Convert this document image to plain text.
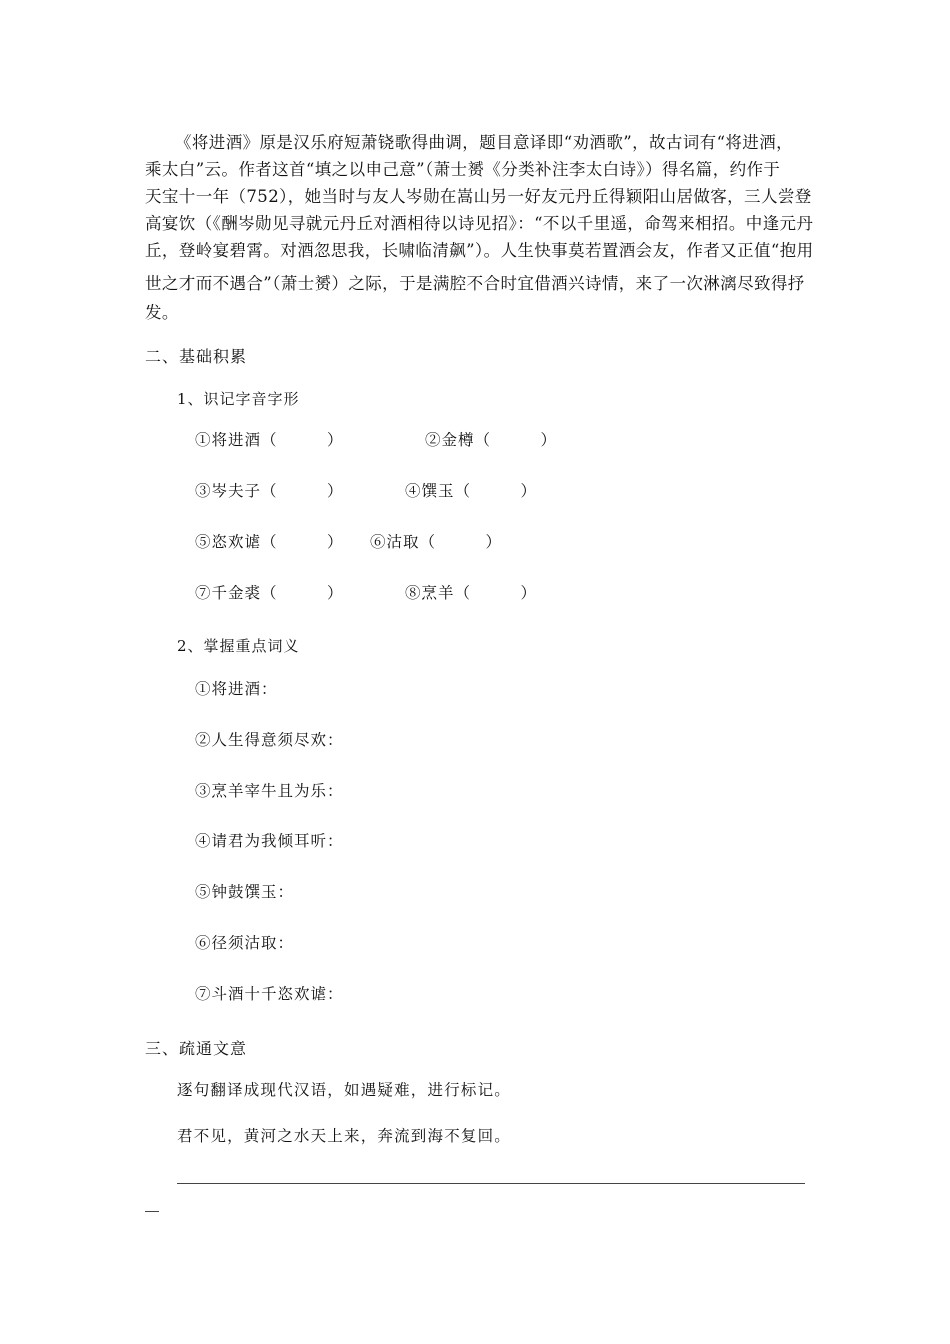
《将进酒》原是汉乐府短萧铙歌得曲调，题目意译即“劝酒歌”，故古词有“将进酒，
乘太白”云。作者这首“填之以申己意”（萧士赟《分类补注李太白诗》）得名篇，约作于
天宝十一年（752），她当时与友人岑勋在嵩山另一好友元丹丘得颖阳山居做客，三人尝登
高宴饮（《酬岑勋见寻就元丹丘对酒相待以诗见招》：“不以千里遥，命驾来相招。中逢元丹
丘，登岭宴碧霄。对酒忽思我，长啸临清飙”）。人生快事莫若置酒会友，作者又正值“抱用
世之才而不遇合”（萧士赟）之际，于是满腔不合时宜借酒兴诗情，来了一次淋漓尽致得抒
发。
二、基础积累
1、识记字音字形
①将进酒（　　　）	②金樽（　　　）
③岑夫子（　　　）	④馔玉（　　　）
⑤恣欢谑（　　　） ⑥沽取（　　　）
⑦千金裘（　　　）	⑧烹羊（　　　）
2、掌握重点词义
①将进酒：
②人生得意须尽欢：
③烹羊宰牛且为乐：
④请君为我倾耳听：
⑤钟鼓馔玉：
⑥径须沽取：
⑦斗酒十千恣欢谑：
三、疏通文意
逐句翻译成现代汉语，如遇疑难，进行标记。
君不见，黄河之水天上来，奔流到海不复回。
